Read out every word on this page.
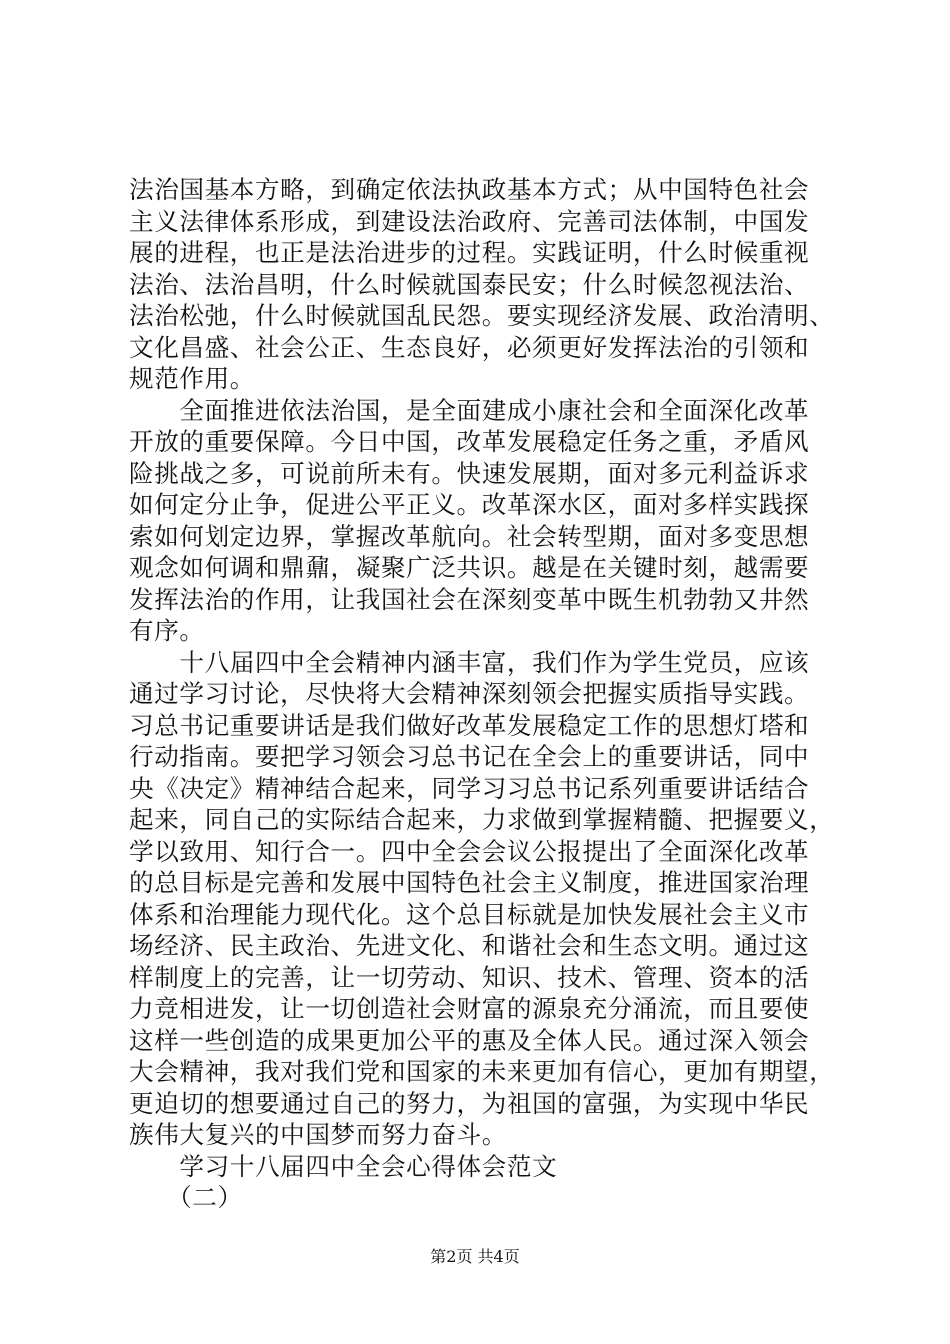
法治国基本方略，到确定依法执政基本方式；从中国特色社会
主义法律体系形成，到建设法治政府、完善司法体制，中国发
展的进程，也正是法治进步的过程。实践证明，什么时候重视
法治、法治昌明，什么时候就国泰民安；什么时候忽视法治、
法治松弛，什么时候就国乱民怨。要实现经济发展、政治清明、
文化昌盛、社会公正、生态良好，必须更好发挥法治的引领和
规范作用。
　　全面推进依法治国，是全面建成小康社会和全面深化改革
开放的重要保障。今日中国，改革发展稳定任务之重，矛盾风
险挑战之多，可说前所未有。快速发展期，面对多元利益诉求
如何定分止争，促进公平正义。改革深水区，面对多样实践探
索如何划定边界，掌握改革航向。社会转型期，面对多变思想
观念如何调和鼎鼐，凝聚广泛共识。越是在关键时刻，越需要
发挥法治的作用，让我国社会在深刻变革中既生机勃勃又井然
有序。
　　十八届四中全会精神内涵丰富，我们作为学生党员，应该
通过学习讨论，尽快将大会精神深刻领会把握实质指导实践。
习总书记重要讲话是我们做好改革发展稳定工作的思想灯塔和
行动指南。要把学习领会习总书记在全会上的重要讲话，同中
央《决定》精神结合起来，同学习习总书记系列重要讲话结合
起来，同自己的实际结合起来，力求做到掌握精髓、把握要义，
学以致用、知行合一。四中全会会议公报提出了全面深化改革
的总目标是完善和发展中国特色社会主义制度，推进国家治理
体系和治理能力现代化。这个总目标就是加快发展社会主义市
场经济、民主政治、先进文化、和谐社会和生态文明。通过这
样制度上的完善，让一切劳动、知识、技术、管理、资本的活
力竞相进发，让一切创造社会财富的源泉充分涌流，而且要使
这样一些创造的成果更加公平的惠及全体人民。通过深入领会
大会精神，我对我们党和国家的未来更加有信心，更加有期望，
更迫切的想要通过自己的努力，为祖国的富强，为实现中华民
族伟大复兴的中国梦而努力奋斗。
　　学习十八届四中全会心得体会范文
　　（二）
第2页 共4页
